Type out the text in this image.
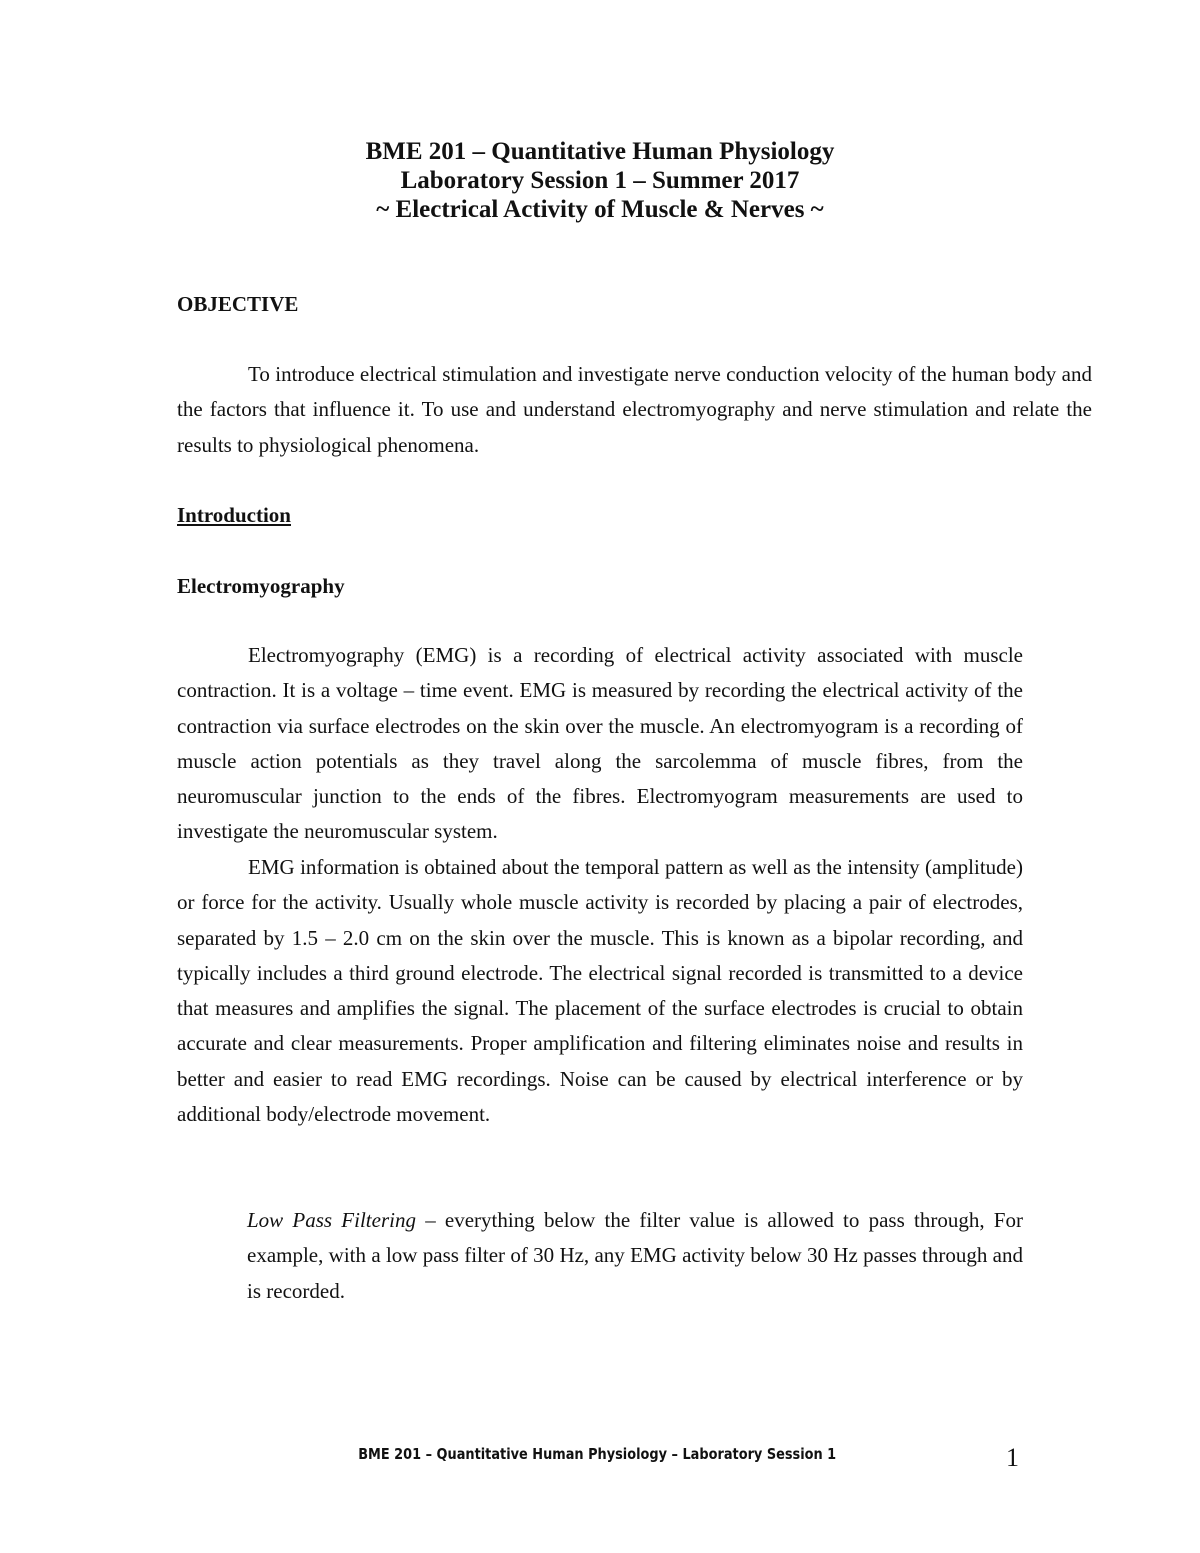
BME 201 – Quantitative Human Physiology
Laboratory Session 1 – Summer 2017
~ Electrical Activity of Muscle & Nerves ~
OBJECTIVE
To introduce electrical stimulation and investigate nerve conduction velocity of the human body and the factors that influence it. To use and understand electromyography and nerve stimulation and relate the results to physiological phenomena.
Introduction
Electromyography
Electromyography (EMG) is a recording of electrical activity associated with muscle contraction. It is a voltage – time event. EMG is measured by recording the electrical activity of the contraction via surface electrodes on the skin over the muscle. An electromyogram is a recording of muscle action potentials as they travel along the sarcolemma of muscle fibres, from the neuromuscular junction to the ends of the fibres. Electromyogram measurements are used to investigate the neuromuscular system.
EMG information is obtained about the temporal pattern as well as the intensity (amplitude) or force for the activity. Usually whole muscle activity is recorded by placing a pair of electrodes, separated by 1.5 – 2.0 cm on the skin over the muscle. This is known as a bipolar recording, and typically includes a third ground electrode. The electrical signal recorded is transmitted to a device that measures and amplifies the signal. The placement of the surface electrodes is crucial to obtain accurate and clear measurements. Proper amplification and filtering eliminates noise and results in better and easier to read EMG recordings. Noise can be caused by electrical interference or by additional body/electrode movement.
Low Pass Filtering – everything below the filter value is allowed to pass through, For example, with a low pass filter of 30 Hz, any EMG activity below 30 Hz passes through and is recorded.
BME 201 – Quantitative Human Physiology – Laboratory Session 1	1
